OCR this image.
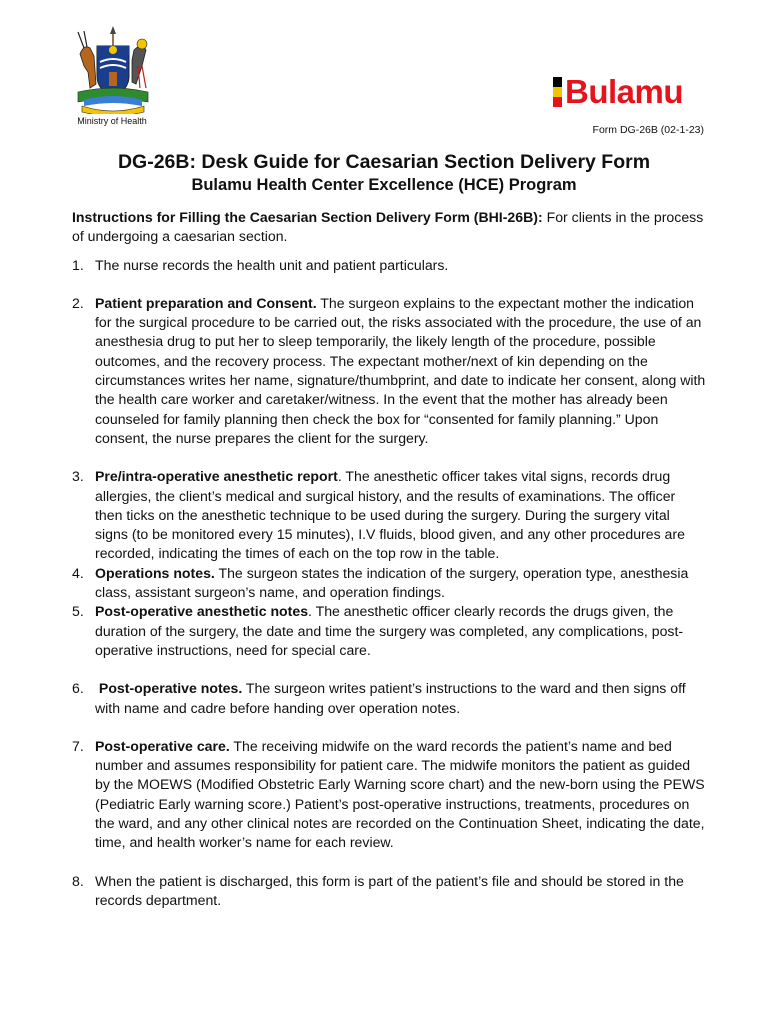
Ministry of Health
Bulamu
Form DG-26B (02-1-23)
DG-26B: Desk Guide for Caesarian Section Delivery Form
Bulamu Health Center Excellence (HCE) Program

Instructions for Filling the Caesarian Section Delivery Form (BHI-26B): For clients in the process of undergoing a caesarian section.

1. The nurse records the health unit and patient particulars.
2. Patient preparation and Consent. The surgeon explains to the expectant mother the indication for the surgical procedure to be carried out, the risks associated with the procedure, the use of an anesthesia drug to put her to sleep temporarily, the likely length of the procedure, possible outcomes, and the recovery process. The expectant mother/next of kin depending on the circumstances writes her name, signature/thumbprint, and date to indicate her consent, along with the health care worker and caretaker/witness. In the event that the mother has already been counseled for family planning then check the box for “consented for family planning.” Upon consent, the nurse prepares the client for the surgery.
3. Pre/intra-operative anesthetic report. The anesthetic officer takes vital signs, records drug allergies, the client’s medical and surgical history, and the results of examinations. The officer then ticks on the anesthetic technique to be used during the surgery. During the surgery vital signs (to be monitored every 15 minutes), I.V fluids, blood given, and any other procedures are recorded, indicating the times of each on the top row in the table.
4. Operations notes. The surgeon states the indication of the surgery, operation type, anesthesia class, assistant surgeon’s name, and operation findings.
5. Post-operative anesthetic notes. The anesthetic officer clearly records the drugs given, the duration of the surgery, the date and time the surgery was completed, any complications, post-operative instructions, need for special care.
6. Post-operative notes. The surgeon writes patient’s instructions to the ward and then signs off with name and cadre before handing over operation notes.
7. Post-operative care. The receiving midwife on the ward records the patient’s name and bed number and assumes responsibility for patient care. The midwife monitors the patient as guided by the MOEWS (Modified Obstetric Early Warning score chart) and the new-born using the PEWS (Pediatric Early warning score.) Patient’s post-operative instructions, treatments, procedures on the ward, and any other clinical notes are recorded on the Continuation Sheet, indicating the date, time, and health worker’s name for each review.
8. When the patient is discharged, this form is part of the patient’s file and should be stored in the records department.
